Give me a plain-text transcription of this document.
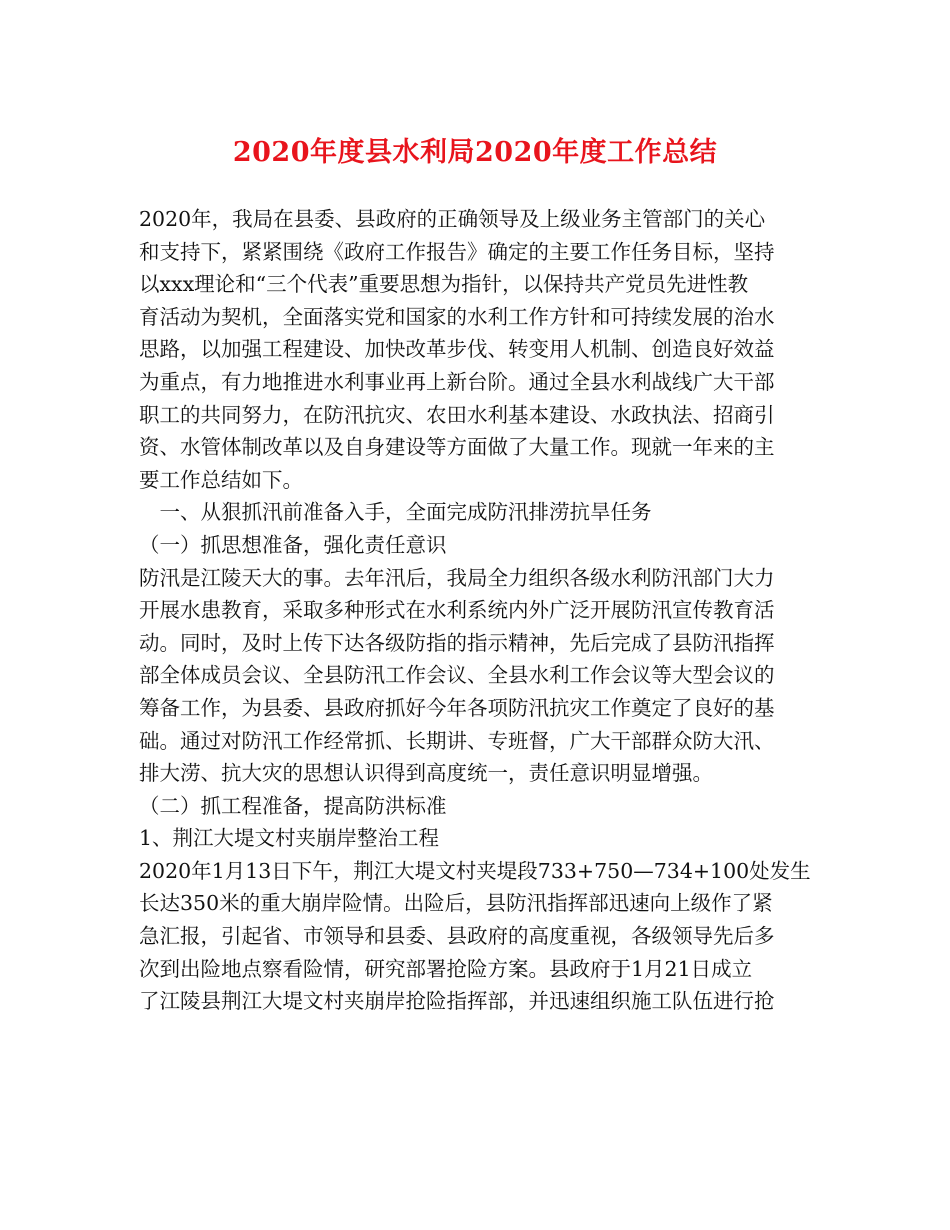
2020年度县水利局2020年度工作总结
2020年，我局在县委、县政府的正确领导及上级业务主管部门的关心
和支持下，紧紧围绕《政府工作报告》确定的主要工作任务目标，坚持
以xxx理论和“三个代表”重要思想为指针，以保持共产党员先进性教
育活动为契机，全面落实党和国家的水利工作方针和可持续发展的治水
思路，以加强工程建设、加快改革步伐、转变用人机制、创造良好效益
为重点，有力地推进水利事业再上新台阶。通过全县水利战线广大干部
职工的共同努力，在防汛抗灾、农田水利基本建设、水政执法、招商引
资、水管体制改革以及自身建设等方面做了大量工作。现就一年来的主
要工作总结如下。
　一、从狠抓汛前准备入手，全面完成防汛排涝抗旱任务
（一）抓思想准备，强化责任意识
防汛是江陵天大的事。去年汛后，我局全力组织各级水利防汛部门大力
开展水患教育，采取多种形式在水利系统内外广泛开展防汛宣传教育活
动。同时，及时上传下达各级防指的指示精神，先后完成了县防汛指挥
部全体成员会议、全县防汛工作会议、全县水利工作会议等大型会议的
筹备工作，为县委、县政府抓好今年各项防汛抗灾工作奠定了良好的基
础。通过对防汛工作经常抓、长期讲、专班督，广大干部群众防大汛、
排大涝、抗大灾的思想认识得到高度统一，责任意识明显增强。
（二）抓工程准备，提高防洪标准
1、荆江大堤文村夹崩岸整治工程
2020年1月13日下午，荆江大堤文村夹堤段733+750—734+100处发生
长达350米的重大崩岸险情。出险后，县防汛指挥部迅速向上级作了紧
急汇报，引起省、市领导和县委、县政府的高度重视，各级领导先后多
次到出险地点察看险情，研究部署抢险方案。县政府于1月21日成立
了江陵县荆江大堤文村夹崩岸抢险指挥部，并迅速组织施工队伍进行抢
